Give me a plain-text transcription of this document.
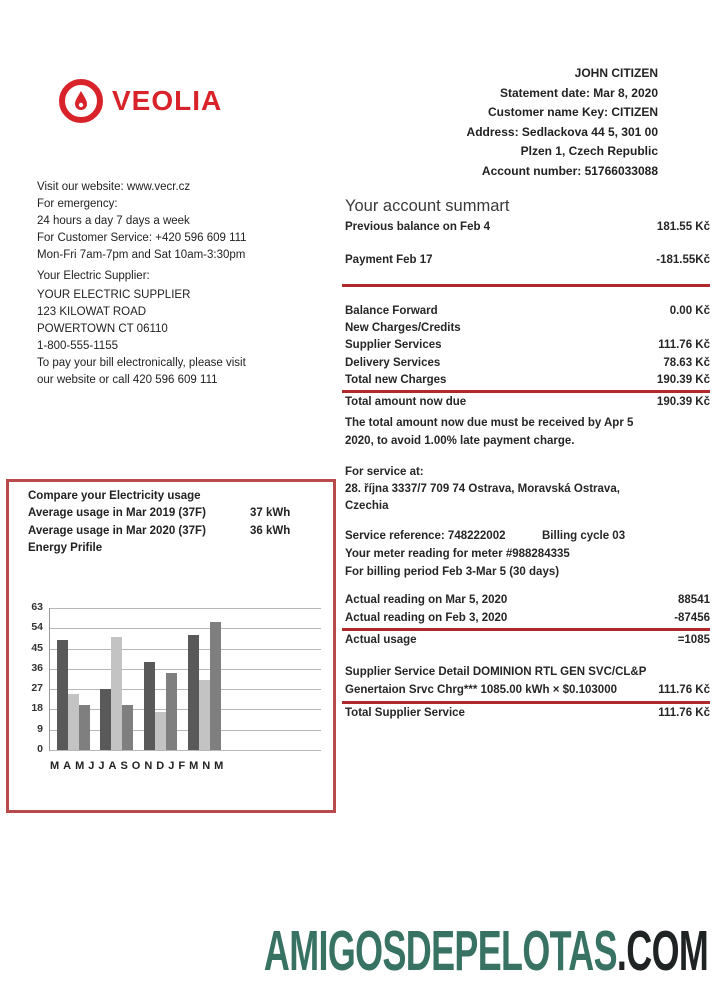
VEOLIA
JOHN CITIZEN
Statement date: Mar 8, 2020
Customer name Key: CITIZEN
Address: Sedlackova 44 5, 301 00
Plzen 1, Czech Republic
Account number: 51766033088
Visit our website: www.vecr.cz
For emergency:
24 hours a day 7 days a week
For Customer Service: +420 596 609 111
Mon-Fri 7am-7pm and Sat 10am-3:30pm
Your Electric Supplier:
YOUR ELECTRIC SUPPLIER
123 KILOWAT ROAD
POWERTOWN CT 06110
1-800-555-1155
To pay your bill electronically, please visit
our website or call 420 596 609 111
Your account summart
Previous balance on Feb 4	181.55 Kč
Payment Feb 17	-181.55Kč
Balance Forward	0.00 Kč
New Charges/Credits
Supplier Services	111.76 Kč
Delivery Services	78.63 Kč
Total new Charges	190.39 Kč
Total amount now due	190.39 Kč
The total amount now due must be received by Apr 5
2020, to avoid 1.00% late payment charge.
For service at:
28. října 3337/7 709 74 Ostrava, Moravská Ostrava,
Czechia
Service reference: 748222002	Billing cycle 03
Your meter reading for meter #988284335
For billing period Feb 3-Mar 5 (30 days)
Actual reading on Mar 5, 2020	88541
Actual reading on Feb 3, 2020	-87456
Actual usage	=1085
Supplier Service Detail DOMINION RTL GEN SVC/CL&P
Genertaion Srvc Chrg*** 1085.00 kWh × $0.103000	111.76 Kč
Total Supplier Service	111.76 Kč
Compare your Electricity usage
Average usage in Mar 2019 (37F)	37 kWh
Average usage in Mar 2020 (37F)	36 kWh
Energy Prifile
0
9
18
27
36
45
54
63
MAMJJASONDJFMNM
AMIGOSDEPELOTAS.COM
